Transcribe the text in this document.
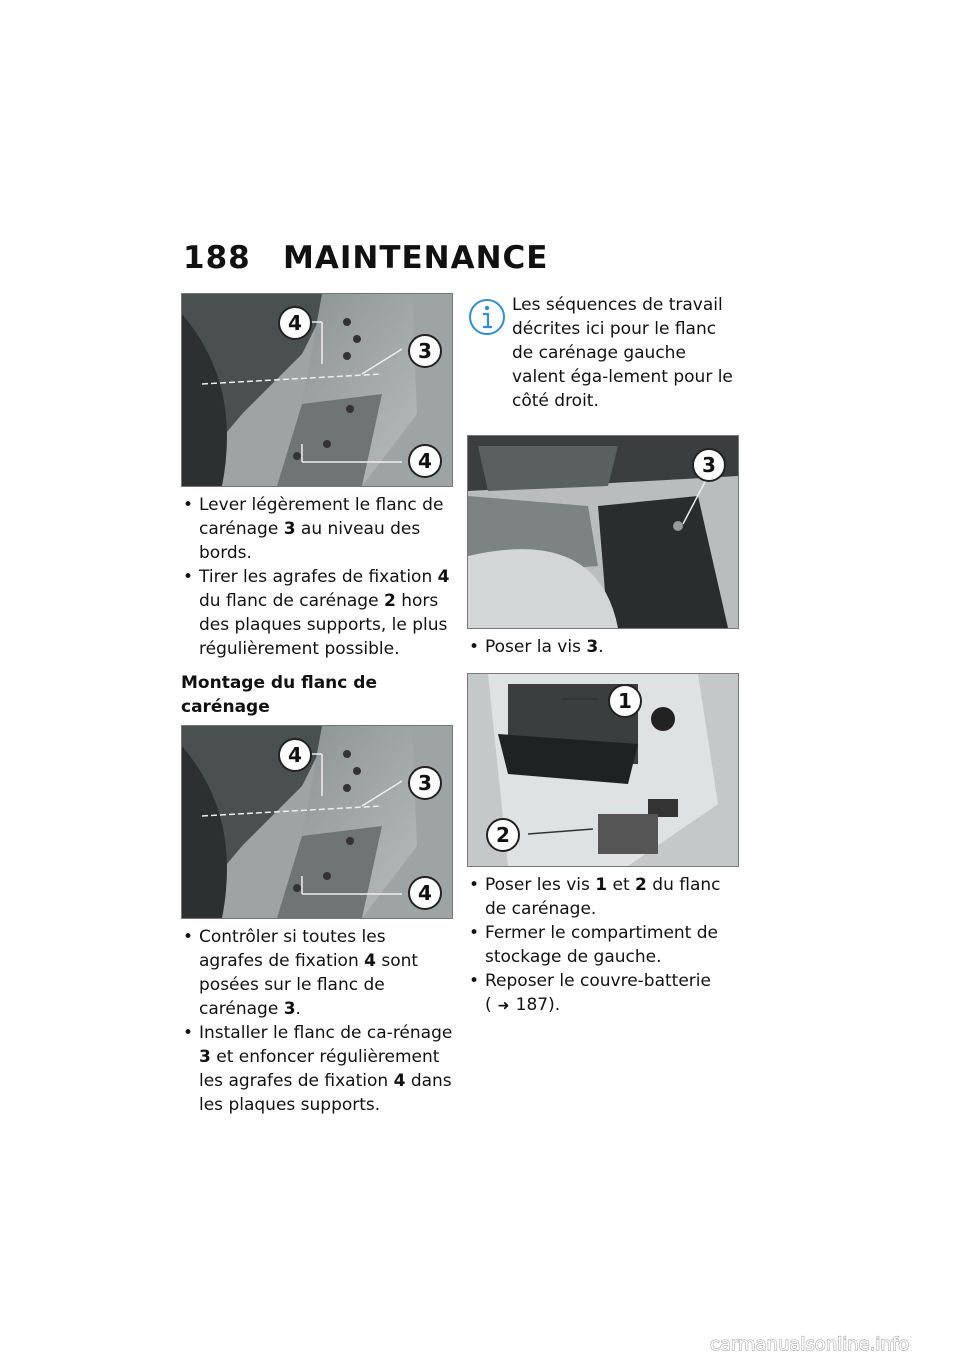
188	MAINTENANCE
4
3
4
• Lever légèrement le flanc de carénage 3 au niveau des bords.
• Tirer les agrafes de fixation 4 du flanc de carénage 2 hors des plaques supports, le plus régulièrement possible.
Montage du flanc de carénage
4
3
4
• Contrôler si toutes les agrafes de fixation 4 sont posées sur le flanc de carénage 3.
• Installer le flanc de ca-rénage 3 et enfoncer régulièrement les agrafes de fixation 4 dans les plaques supports.
Les séquences de travail décrites ici pour le flanc de carénage gauche valent éga-lement pour le côté droit.
3
• Poser la vis 3.
1
2
• Poser les vis 1 et 2 du flanc de carénage.
• Fermer le compartiment de stockage de gauche.
• Reposer le couvre-batterie
( ➜ 187).
carmanualsonline.info
